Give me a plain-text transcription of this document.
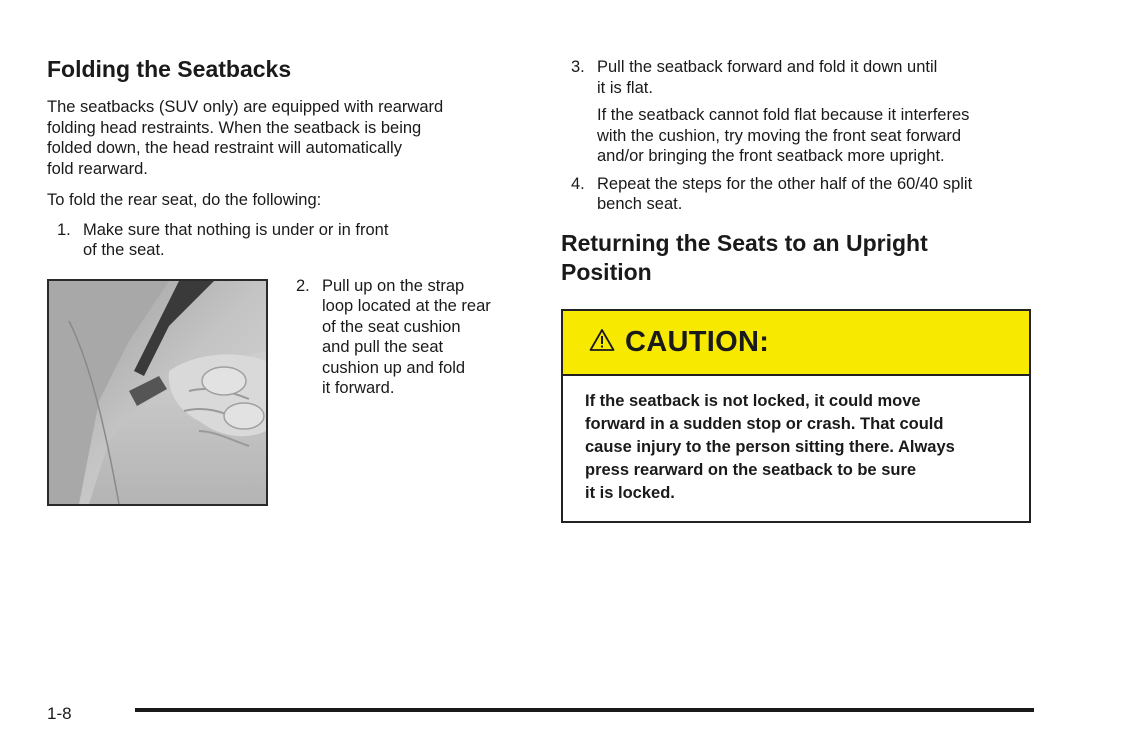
Folding the Seatbacks

The seatbacks (SUV only) are equipped with rearward
folding head restraints. When the seatback is being
folded down, the head restraint will automatically
fold rearward.

To fold the rear seat, do the following:

1. Make sure that nothing is under or in front
of the seat.
2. Pull up on the strap
loop located at the rear
of the seat cushion
and pull the seat
cushion up and fold
it forward.
3. Pull the seatback forward and fold it down until
it is flat.

If the seatback cannot fold flat because it interferes
with the cushion, try moving the front seat forward
and/or bringing the front seatback more upright.

4. Repeat the steps for the other half of the 60/40 split
bench seat.
Returning the Seats to an Upright
Position
CAUTION:
If the seatback is not locked, it could move
forward in a sudden stop or crash. That could
cause injury to the person sitting there. Always
press rearward on the seatback to be sure
it is locked.
1-8
